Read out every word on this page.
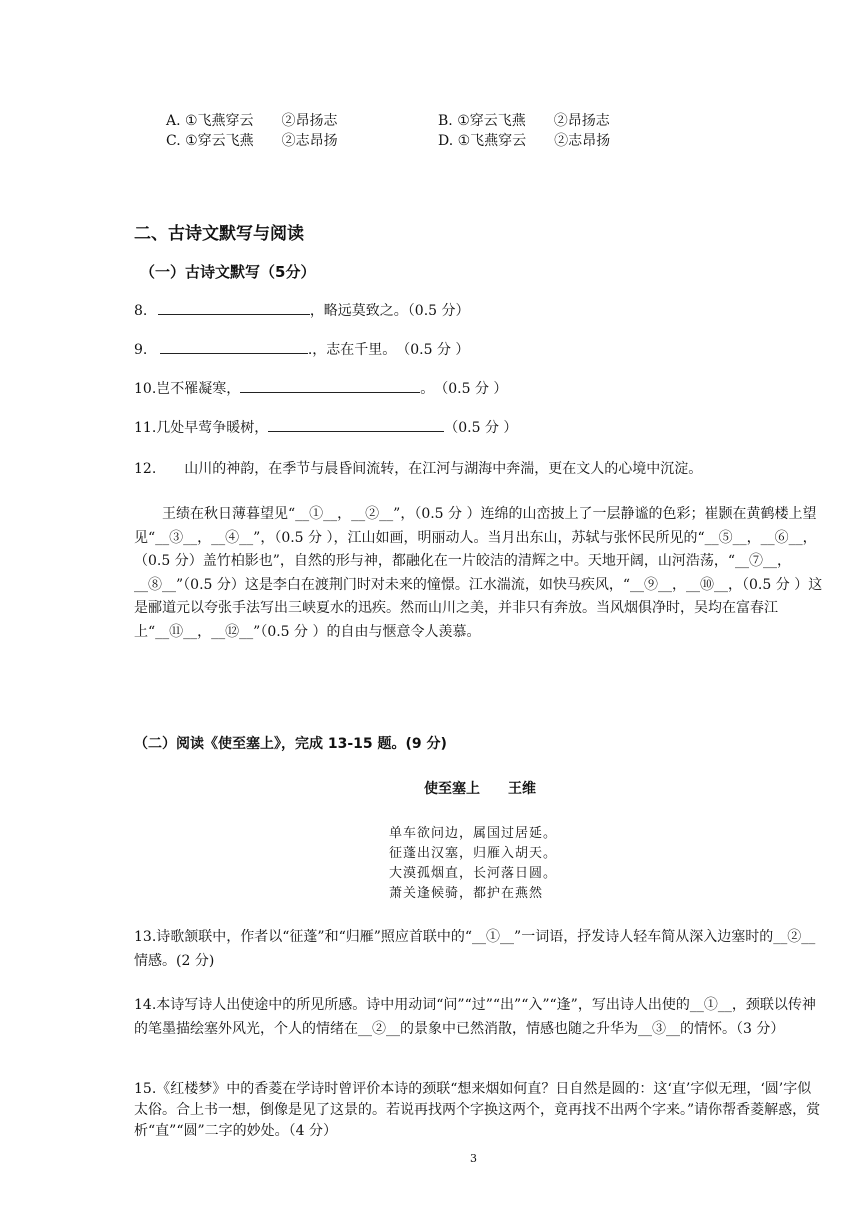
A. ①飞燕穿云　　②昂扬志	B. ①穿云飞燕　　②昂扬志
C. ①穿云飞燕　　②志昂扬	D. ①飞燕穿云　　②志昂扬
二、古诗文默写与阅读
（一）古诗文默写（5分）
8.	，略远莫致之。（0.5 分）
9.	.，志在千里。　（0.5 分 ）
10.岂不罹凝寒，	。　（0.5 分 ）
11.几处早莺争暖树，	（0.5 分 ）
12.　　山川的神韵，在季节与晨昏间流转，在江河与湖海中奔湍，更在文人的心境中沉淀。
　　王绩在秋日薄暮望见“__①__，__②__”，（0.5 分 ）连绵的山峦披上了一层静谧的色彩；崔颢在黄鹤楼上望见“__③__，__④__”，（0.5 分 ），江山如画，明丽动人。当月出东山，苏轼与张怀民所见的“__⑤__，__⑥__，（0.5 分）盖竹柏影也”，自然的形与神，都融化在一片皎洁的清辉之中。天地开阔，山河浩荡，“__⑦__，__⑧__”（0.5 分）这是李白在渡荆门时对未来的憧憬。江水湍流，如快马疾风，“__⑨__，__⑩__，（0.5 分 ）这是郦道元以夸张手法写出三峡夏水的迅疾。然而山川之美，并非只有奔放。当风烟俱净时，吴均在富春江上“__⑪__，__⑫__”（0.5 分 ）的自由与惬意令人羡慕。
（二）阅读《使至塞上》，完成 13-15 题。(9 分)
使至塞上　　王维
单车欲问边，属国过居延。
征蓬出汉塞，归雁入胡天。
大漠孤烟直，长河落日圆。
萧关逢候骑，都护在燕然
13.诗歌颔联中，作者以“征蓬”和“归雁”照应首联中的“__①__”一词语，抒发诗人轻车简从深入边塞时的__②__情感。(2 分)
14.本诗写诗人出使途中的所见所感。诗中用动词“问”“过”“出”“入”“逢”，写出诗人出使的__①__，颈联以传神的笔墨描绘塞外风光，个人的情绪在__②__的景象中已然消散，情感也随之升华为__③__的情怀。（3 分）
15.《红楼梦》中的香菱在学诗时曾评价本诗的颈联“想来烟如何直？日自然是圆的：这‘直’字似无理，‘圆’字似太俗。合上书一想，倒像是见了这景的。若说再找两个字换这两个，竟再找不出两个字来。”请你帮香菱解惑，赏析“直”“圆”二字的妙处。（4 分）
3
